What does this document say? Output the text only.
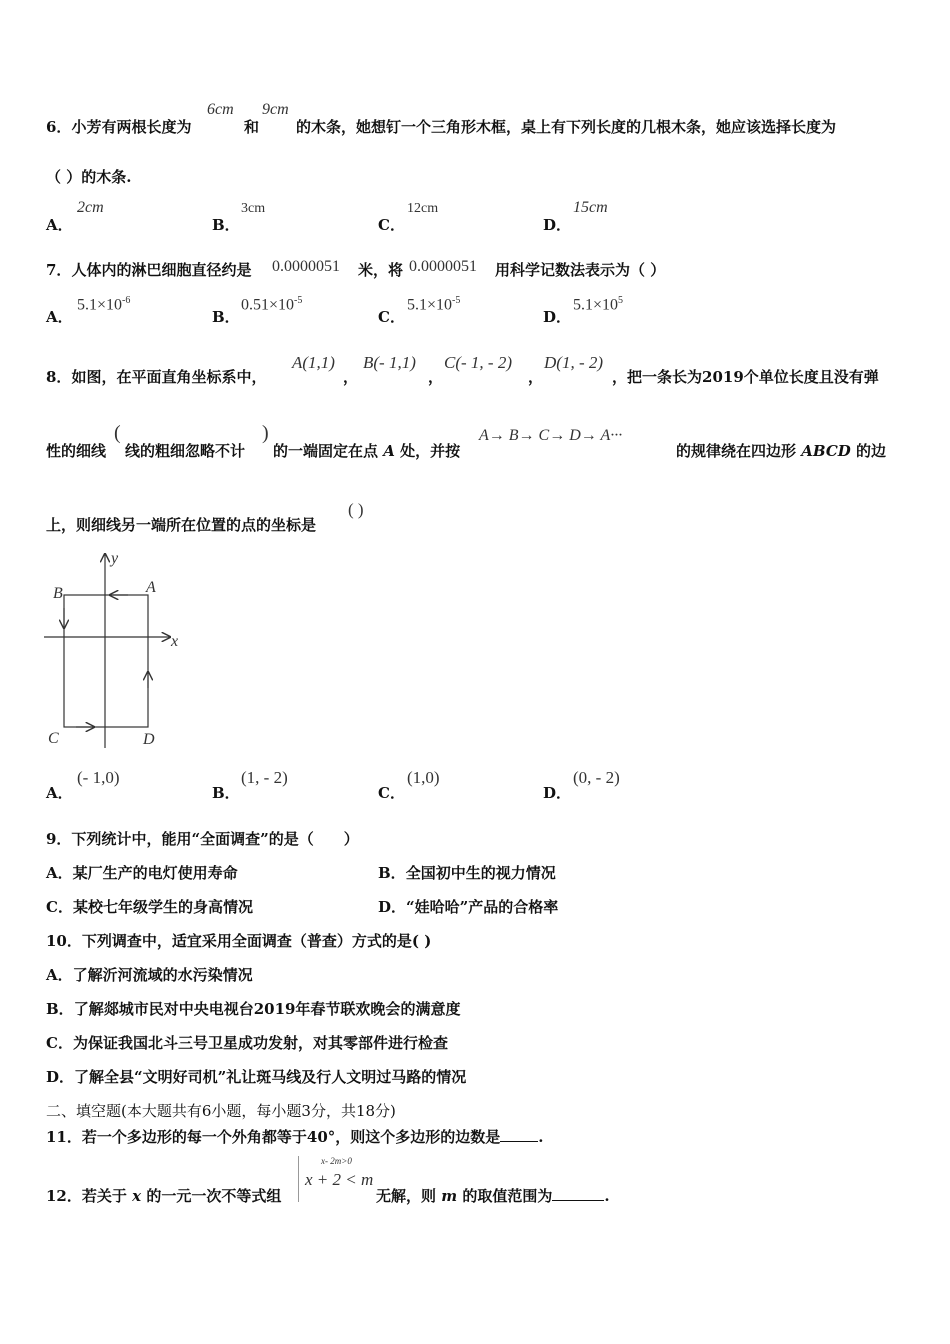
6．小芳有两根长度为
6cm
和
9cm
的木条，她想钉一个三角形木框，桌上有下列长度的几根木条，她应该选择长度为
（ ）的木条.
A．
2cm
B．
3cm
C．
12cm
D．
15cm
7．人体内的淋巴细胞直径约是 0.0000051 米，将 0.0000051 用科学记数法表示为（ ）
A．
$5.1\times 10^{-6}$
B．
$0.51\times 10^{-5}$
C．
$5.1\times 10^{-5}$
D．
$5.1\times 10^5$
8．如图，在平面直角坐标系中，
A(1,1)
，
B(- 1,1)
，
C(- 1, - 2)
，
D(1, - 2)
，把一条长为2019个单位长度且没有弹
性的细线
(
线的粗细忽略不计
)
的一端固定在点 A 处，并按
A→ B→ C→ D→ A···
的规律绕在四边形 ABCD 的边
上，则细线另一端所在位置的点的坐标是
( )
y
x
A
B
C	D
A．
(- 1,0)
B．
(1, - 2)
C．
(1,0)
D．
(0, - 2)
9．下列统计中，能用“全面调查”的是（　　）
A．某厂生产的电灯使用寿命	B．全国初中生的视力情况
C．某校七年级学生的身高情况	D．“娃哈哈”产品的合格率
10．下列调查中，适宜采用全面调查（普查）方式的是( )
A．了解沂河流域的水污染情况
B．了解郯城市民对中央电视台2019年春节联欢晚会的满意度
C．为保证我国北斗三号卫星成功发射，对其零部件进行检查
D．了解全县“文明好司机”礼让斑马线及行人文明过马路的情况
二、填空题(本大题共有6小题，每小题3分，共18分)
11．若一个多边形的每一个外角都等于40°，则这个多边形的边数是	.
12．若关于 x 的一元一次不等式组
x- 2m>0
x + 2 < m
无解，则 m 的取值范围为	.
